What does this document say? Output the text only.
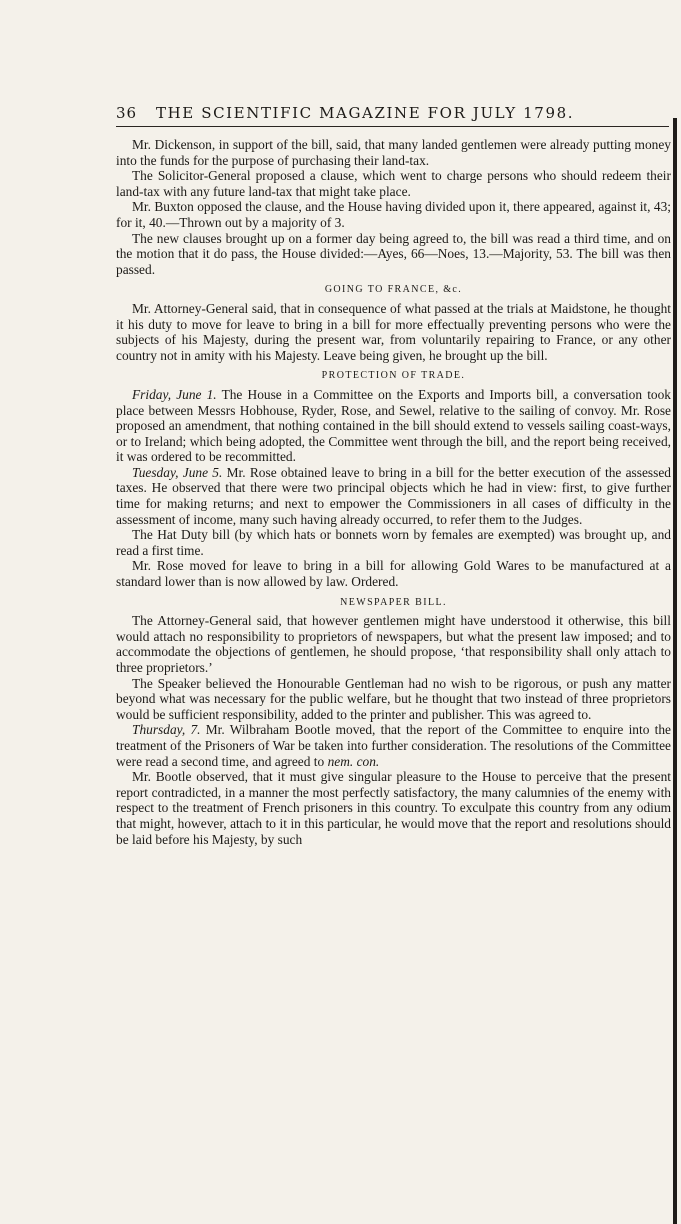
36	THE SCIENTIFIC MAGAZINE FOR JULY 1798.

Mr. Dickenson, in support of the bill, said, that many landed gentlemen were already putting money into the funds for the purpose of purchasing their land-tax.

The Solicitor-General proposed a clause, which went to charge persons who should redeem their land-tax with any future land-tax that might take place.

Mr. Buxton opposed the clause, and the House having divided upon it, there appeared, against it, 43; for it, 40.—Thrown out by a majority of 3.

The new clauses brought up on a former day being agreed to, the bill was read a third time, and on the motion that it do pass, the House divided:—Ayes, 66—Noes, 13.—Majority, 53. The bill was then passed.

GOING TO FRANCE, &c.

Mr. Attorney-General said, that in consequence of what passed at the trials at Maidstone, he thought it his duty to move for leave to bring in a bill for more effectually preventing persons who were the subjects of his Majesty, during the present war, from voluntarily repairing to France, or any other country not in amity with his Majesty. Leave being given, he brought up the bill.

PROTECTION OF TRADE.

Friday, June 1. The House in a Committee on the Exports and Imports bill, a conversation took place between Messrs Hobhouse, Ryder, Rose, and Sewel, relative to the sailing of convoy. Mr. Rose proposed an amendment, that nothing contained in the bill should extend to vessels sailing coast-ways, or to Ireland; which being adopted, the Committee went through the bill, and the report being received, it was ordered to be recommitted.

Tuesday, June 5. Mr. Rose obtained leave to bring in a bill for the better execution of the assessed taxes. He observed that there were two principal objects which he had in view: first, to give further time for making returns; and next to empower the Commissioners in all cases of difficulty in the assessment of income, many such having already occurred, to refer them to the Judges.

The Hat Duty bill (by which hats or bonnets worn by females are exempted) was brought up, and read a first time.

Mr. Rose moved for leave to bring in a bill for allowing Gold Wares to be manufactured at a standard lower than is now allowed by law. Ordered.

NEWSPAPER BILL.

The Attorney-General said, that however gentlemen might have understood it otherwise, this bill would attach no responsibility to proprietors of newspapers, but what the present law imposed; and to accommodate the objections of gentlemen, he should propose, ‘that responsibility shall only attach to three proprietors.’

The Speaker believed the Honourable Gentleman had no wish to be rigorous, or push any matter beyond what was necessary for the public welfare, but he thought that two instead of three proprietors would be sufficient responsibility, added to the printer and publisher. This was agreed to.

Thursday, 7. Mr. Wilbraham Bootle moved, that the report of the Committee to enquire into the treatment of the Prisoners of War be taken into further consideration. The resolutions of the Committee were read a second time, and agreed to nem. con.

Mr. Bootle observed, that it must give singular pleasure to the House to perceive that the present report contradicted, in a manner the most perfectly satisfactory, the many calumnies of the enemy with respect to the treatment of French prisoners in this country. To exculpate this country from any odium that might, however, attach to it in this particular, he would move that the report and resolutions should be laid before his Majesty, by such
